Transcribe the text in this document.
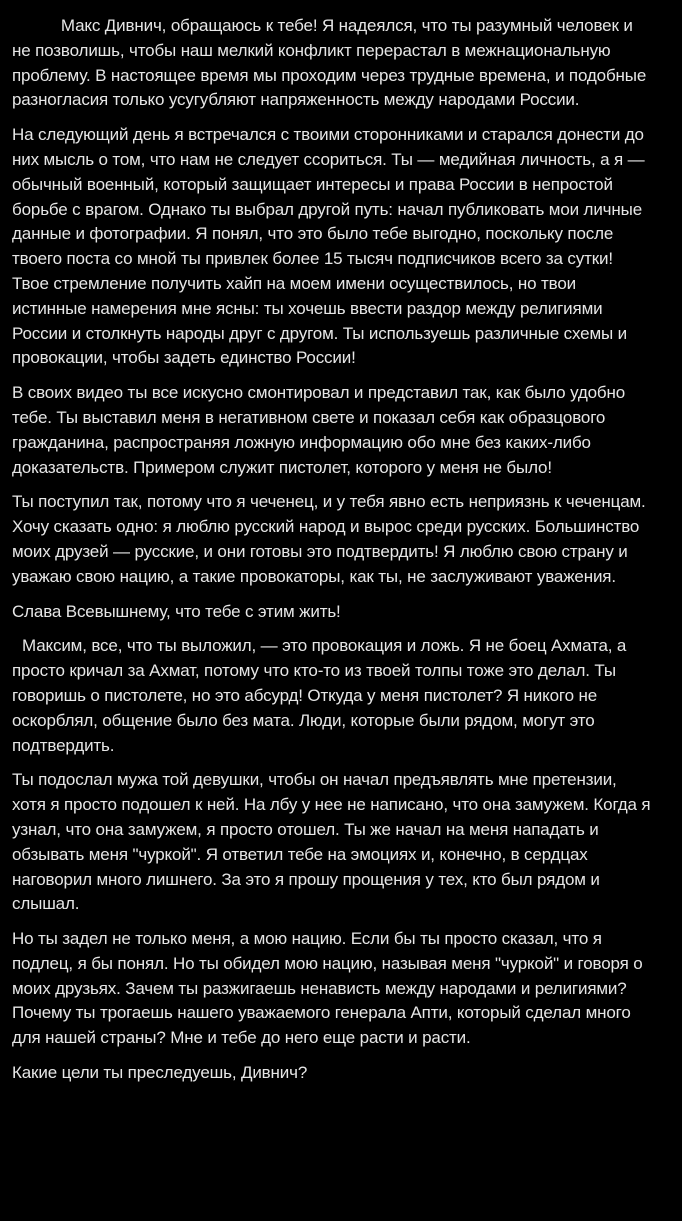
Макс Дивнич, обращаюсь к тебе! Я надеялся, что ты разумный человек и не позволишь, чтобы наш мелкий конфликт перерастал в межнациональную проблему. В настоящее время мы проходим через трудные времена, и подобные разногласия только усугубляют напряженность между народами России.

На следующий день я встречался с твоими сторонниками и старался донести до них мысль о том, что нам не следует ссориться. Ты — медийная личность, а я — обычный военный, который защищает интересы и права России в непростой борьбе с врагом. Однако ты выбрал другой путь: начал публиковать мои личные данные и фотографии. Я понял, что это было тебе выгодно, поскольку после твоего поста со мной ты привлек более 15 тысяч подписчиков всего за сутки! Твое стремление получить хайп на моем имени осуществилось, но твои истинные намерения мне ясны: ты хочешь ввести раздор между религиями России и столкнуть народы друг с другом. Ты используешь различные схемы и провокации, чтобы задеть единство России!

В своих видео ты все искусно смонтировал и представил так, как было удобно тебе. Ты выставил меня в негативном свете и показал себя как образцового гражданина, распространяя ложную информацию обо мне без каких-либо доказательств. Примером служит пистолет, которого у меня не было!

Ты поступил так, потому что я чеченец, и у тебя явно есть неприязнь к чеченцам. Хочу сказать одно: я люблю русский народ и вырос среди русских. Большинство моих друзей — русские, и они готовы это подтвердить! Я люблю свою страну и уважаю свою нацию, а такие провокаторы, как ты, не заслуживают уважения.

Слава Всевышнему, что тебе с этим жить!

Максим, все, что ты выложил, — это провокация и ложь. Я не боец Ахмата, а просто кричал за Ахмат, потому что кто-то из твоей толпы тоже это делал. Ты говоришь о пистолете, но это абсурд! Откуда у меня пистолет? Я никого не оскорблял, общение было без мата. Люди, которые были рядом, могут это подтвердить.

Ты подослал мужа той девушки, чтобы он начал предъявлять мне претензии, хотя я просто подошел к ней. На лбу у нее не написано, что она замужем. Когда я узнал, что она замужем, я просто отошел. Ты же начал на меня нападать и обзывать меня "чуркой". Я ответил тебе на эмоциях и, конечно, в сердцах наговорил много лишнего. За это я прошу прощения у тех, кто был рядом и слышал.

Но ты задел не только меня, а мою нацию. Если бы ты просто сказал, что я подлец, я бы понял. Но ты обидел мою нацию, называя меня "чуркой" и говоря о моих друзьях. Зачем ты разжигаешь ненависть между народами и религиями? Почему ты трогаешь нашего уважаемого генерала Апти, который сделал много для нашей страны? Мне и тебе до него еще расти и расти.

Какие цели ты преследуешь, Дивнич?
